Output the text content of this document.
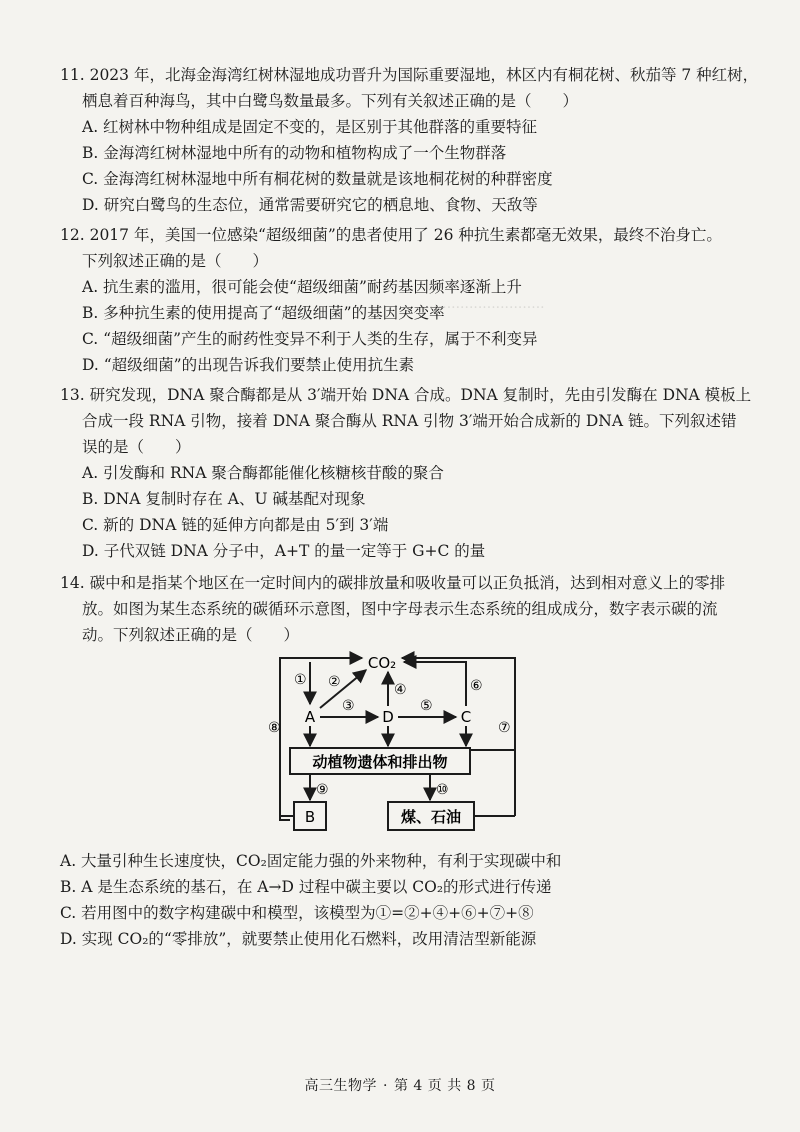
····························
11. 2023 年，北海金海湾红树林湿地成功晋升为国际重要湿地，林区内有桐花树、秋茄等 7 种红树，
栖息着百种海鸟，其中白鹭鸟数量最多。下列有关叙述正确的是（　　）
A. 红树林中物种组成是固定不变的，是区别于其他群落的重要特征
B. 金海湾红树林湿地中所有的动物和植物构成了一个生物群落
C. 金海湾红树林湿地中所有桐花树的数量就是该地桐花树的种群密度
D. 研究白鹭鸟的生态位，通常需要研究它的栖息地、食物、天敌等
12. 2017 年，美国一位感染“超级细菌”的患者使用了 26 种抗生素都毫无效果，最终不治身亡。
下列叙述正确的是（　　）
A. 抗生素的滥用，很可能会使“超级细菌”耐药基因频率逐渐上升
B. 多种抗生素的使用提高了“超级细菌”的基因突变率
C. “超级细菌”产生的耐药性变异不利于人类的生存，属于不利变异
D. “超级细菌”的出现告诉我们要禁止使用抗生素
13. 研究发现，DNA 聚合酶都是从 3′端开始 DNA 合成。DNA 复制时，先由引发酶在 DNA 模板上
合成一段 RNA 引物，接着 DNA 聚合酶从 RNA 引物 3′端开始合成新的 DNA 链。下列叙述错
误的是（　　）
A. 引发酶和 RNA 聚合酶都能催化核糖核苷酸的聚合
B. DNA 复制时存在 A、U 碱基配对现象
C. 新的 DNA 链的延伸方向都是由 5′到 3′端
D. 子代双链 DNA 分子中，A+T 的量一定等于 G+C 的量
14. 碳中和是指某个地区在一定时间内的碳排放量和吸收量可以正负抵消，达到相对意义上的零排
放。如图为某生态系统的碳循环示意图，图中字母表示生态系统的组成成分，数字表示碳的流
动。下列叙述正确的是（　　）
CO₂
① ②
A	D	C
③
④
⑤
⑥
⑦
⑧
动植物遗体和排出物
⑨
B
⑩
煤、石油
A. 大量引种生长速度快，CO₂固定能力强的外来物种，有利于实现碳中和
B. A 是生态系统的基石，在 A→D 过程中碳主要以 CO₂的形式进行传递
C. 若用图中的数字构建碳中和模型，该模型为①=②+④+⑥+⑦+⑧
D. 实现 CO₂的“零排放”，就要禁止使用化石燃料，改用清洁型新能源
高三生物学 · 第 4 页 共 8 页
